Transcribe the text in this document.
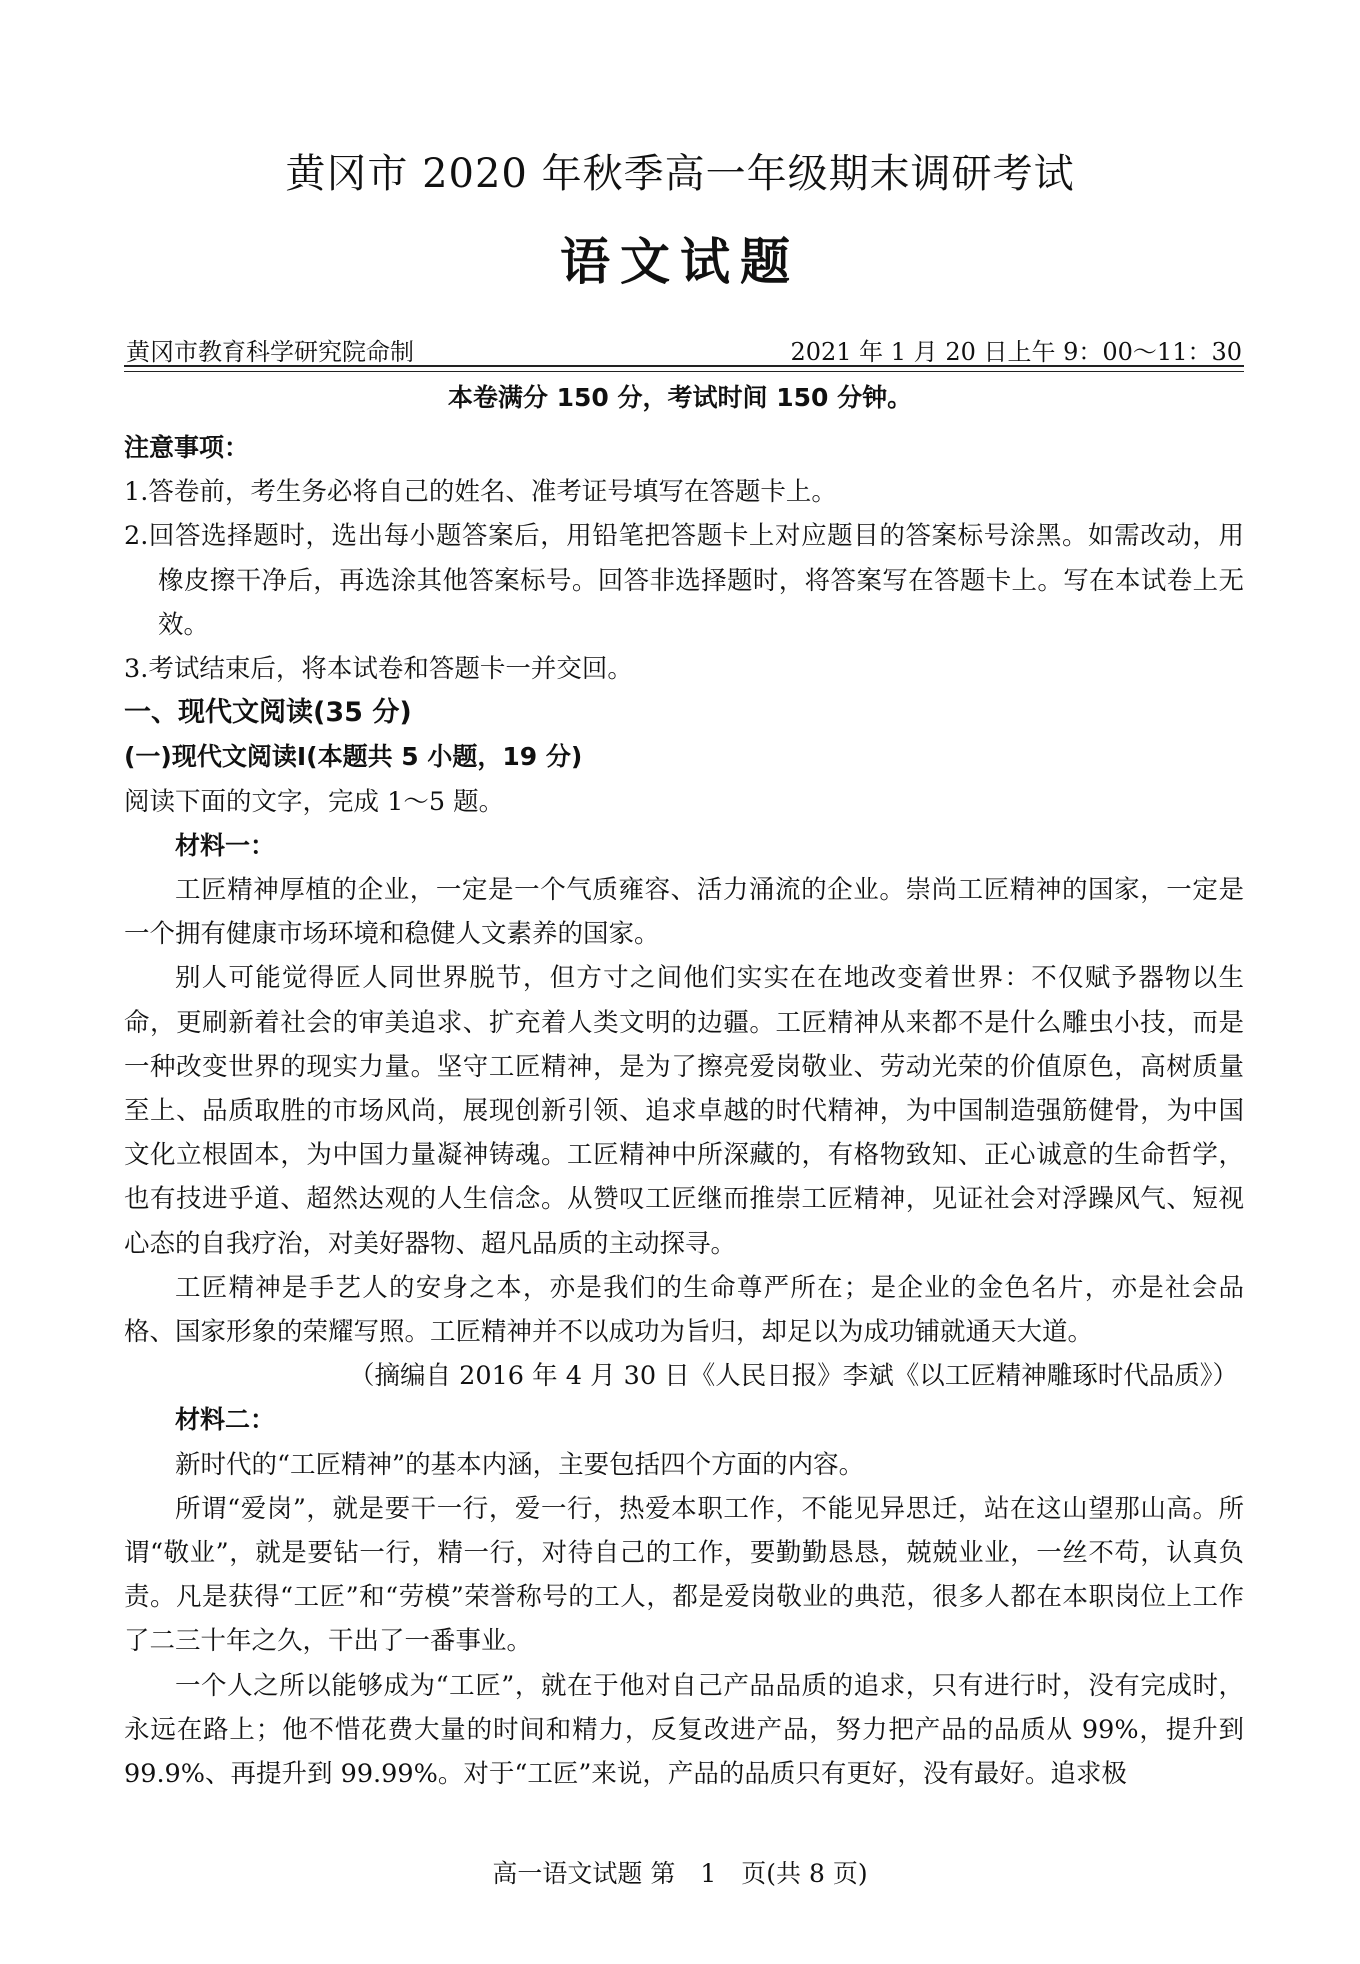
黄冈市 2020 年秋季高一年级期末调研考试
语文试题
黄冈市教育科学研究院命制	2021 年 1 月 20 日上午 9：00～11：30
本卷满分 150 分，考试时间 150 分钟。

注意事项：

1.答卷前，考生务必将自己的姓名、准考证号填写在答题卡上。

2.回答选择题时，选出每小题答案后，用铅笔把答题卡上对应题目的答案标号涂黑。如需改动，用橡皮擦干净后，再选涂其他答案标号。回答非选择题时，将答案写在答题卡上。写在本试卷上无效。

3.考试结束后，将本试卷和答题卡一并交回。

一、现代文阅读(35 分)

(一)现代文阅读Ⅰ(本题共 5 小题，19 分)

阅读下面的文字，完成 1～5 题。

材料一：

工匠精神厚植的企业，一定是一个气质雍容、活力涌流的企业。崇尚工匠精神的国家，一定是一个拥有健康市场环境和稳健人文素养的国家。

别人可能觉得匠人同世界脱节，但方寸之间他们实实在在地改变着世界：不仅赋予器物以生命，更刷新着社会的审美追求、扩充着人类文明的边疆。工匠精神从来都不是什么雕虫小技，而是一种改变世界的现实力量。坚守工匠精神，是为了擦亮爱岗敬业、劳动光荣的价值原色，高树质量至上、品质取胜的市场风尚，展现创新引领、追求卓越的时代精神，为中国制造强筋健骨，为中国文化立根固本，为中国力量凝神铸魂。工匠精神中所深藏的，有格物致知、正心诚意的生命哲学，也有技进乎道、超然达观的人生信念。从赞叹工匠继而推崇工匠精神，见证社会对浮躁风气、短视心态的自我疗治，对美好器物、超凡品质的主动探寻。

工匠精神是手艺人的安身之本，亦是我们的生命尊严所在；是企业的金色名片，亦是社会品格、国家形象的荣耀写照。工匠精神并不以成功为旨归，却足以为成功铺就通天大道。

（摘编自 2016 年 4 月 30 日《人民日报》李斌《以工匠精神雕琢时代品质》）

材料二：

新时代的“工匠精神”的基本内涵，主要包括四个方面的内容。

所谓“爱岗”，就是要干一行，爱一行，热爱本职工作，不能见异思迁，站在这山望那山高。所谓“敬业”，就是要钻一行，精一行，对待自己的工作，要勤勤恳恳，兢兢业业，一丝不苟，认真负责。凡是获得“工匠”和“劳模”荣誉称号的工人，都是爱岗敬业的典范，很多人都在本职岗位上工作了二三十年之久，干出了一番事业。

一个人之所以能够成为“工匠”，就在于他对自己产品品质的追求，只有进行时，没有完成时，永远在路上；他不惜花费大量的时间和精力，反复改进产品，努力把产品的品质从 99%，提升到 99.9%、再提升到 99.99%。对于“工匠”来说，产品的品质只有更好，没有最好。追求极

高一语文试题 第　1　页(共 8 页)
